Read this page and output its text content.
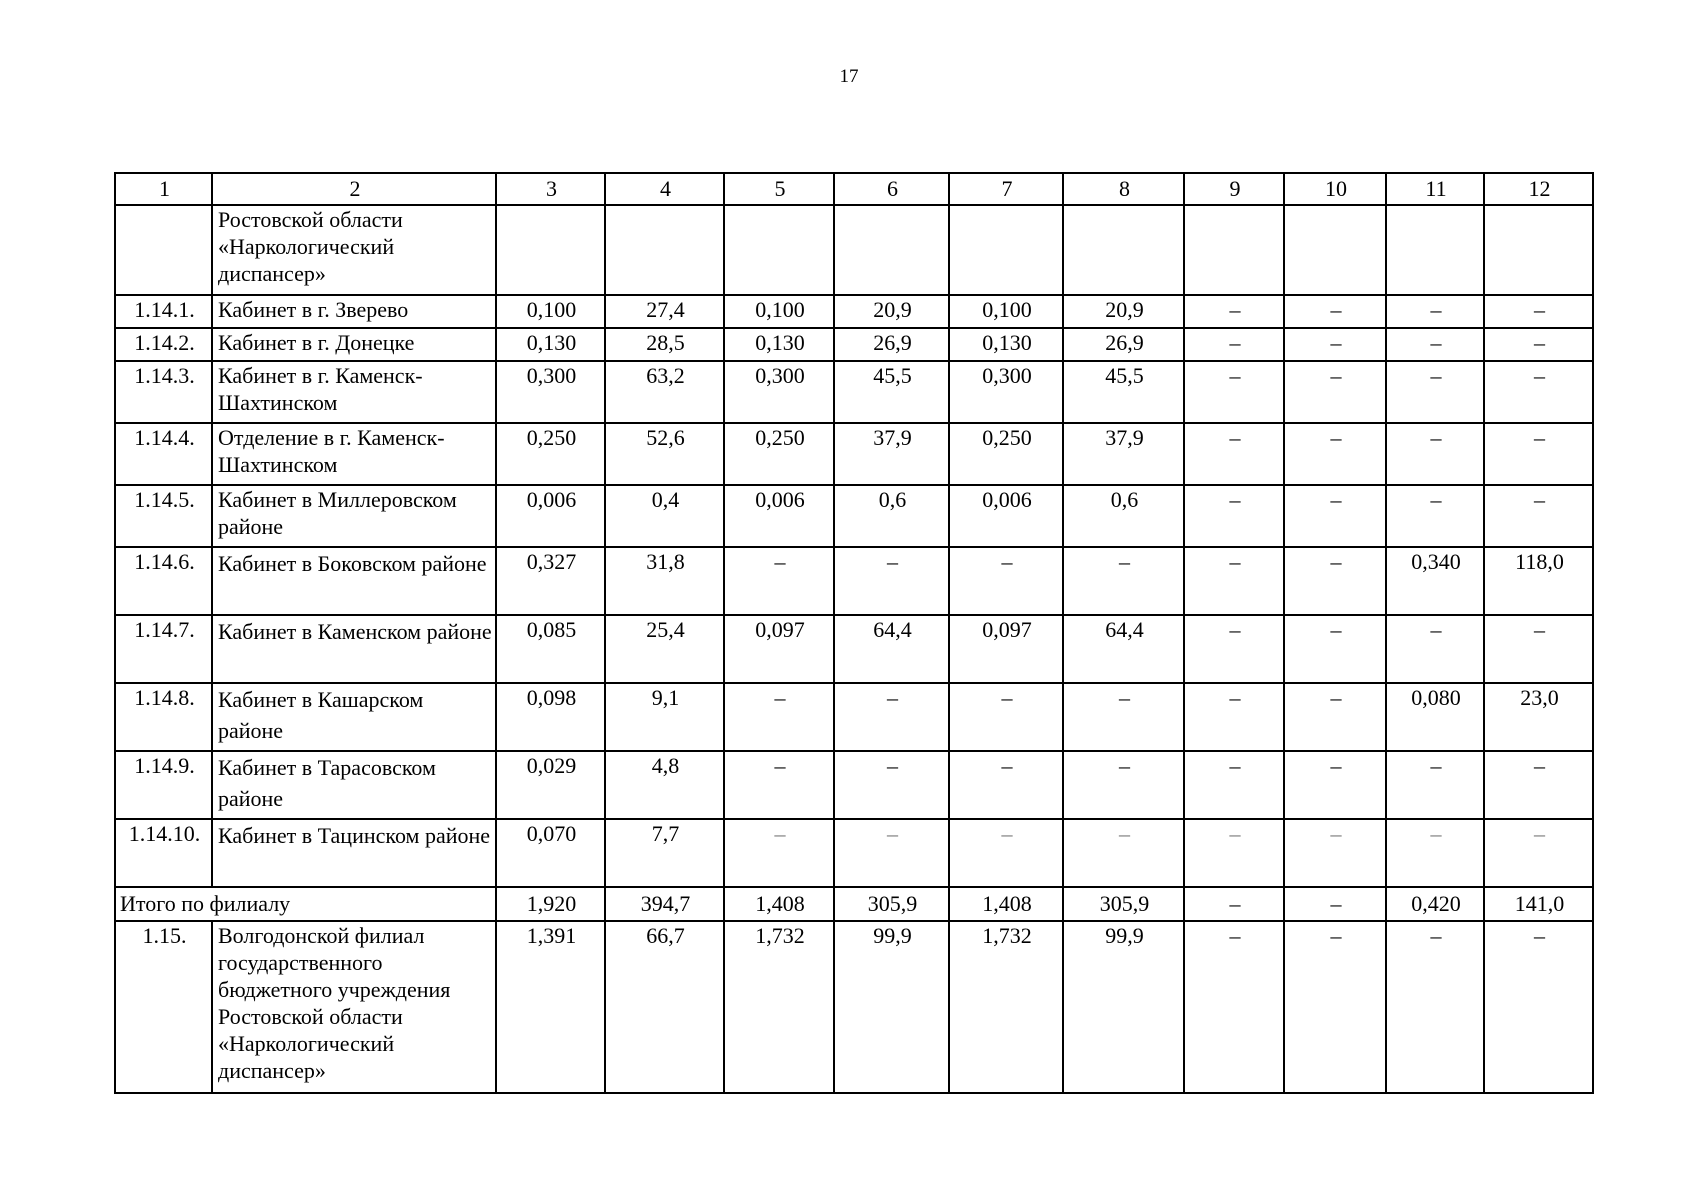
17
1	2	3	4	5	6	7	8	9	10	11	12
	Ростовской области «Наркологический диспансер»										
1.14.1.	Кабинет в г. Зверево	0,100	27,4	0,100	20,9	0,100	20,9	–	–	–	–
1.14.2.	Кабинет в г. Донецке	0,130	28,5	0,130	26,9	0,130	26,9	–	–	–	–
1.14.3.	Кабинет в г. Каменск-Шахтинском	0,300	63,2	0,300	45,5	0,300	45,5	–	–	–	–
1.14.4.	Отделение в г. Каменск-Шахтинском	0,250	52,6	0,250	37,9	0,250	37,9	–	–	–	–
1.14.5.	Кабинет в Миллеровском районе	0,006	0,4	0,006	0,6	0,006	0,6	–	–	–	–
1.14.6.	Кабинет в Боковском районе	0,327	31,8	–	–	–	–	–	–	0,340	118,0
1.14.7.	Кабинет в Каменском районе	0,085	25,4	0,097	64,4	0,097	64,4	–	–	–	–
1.14.8.	Кабинет в Кашарском районе	0,098	9,1	–	–	–	–	–	–	0,080	23,0
1.14.9.	Кабинет в Тарасовском районе	0,029	4,8	–	–	–	–	–	–	–	–
1.14.10.	Кабинет в Тацинском районе	0,070	7,7	–	–	–	–	–	–	–	–
Итого по филиалу		1,920	394,7	1,408	305,9	1,408	305,9	–	–	0,420	141,0
1.15.	Волгодонской филиал государственного бюджетного учреждения Ростовской области «Наркологический диспансер»	1,391	66,7	1,732	99,9	1,732	99,9	–	–	–	–
